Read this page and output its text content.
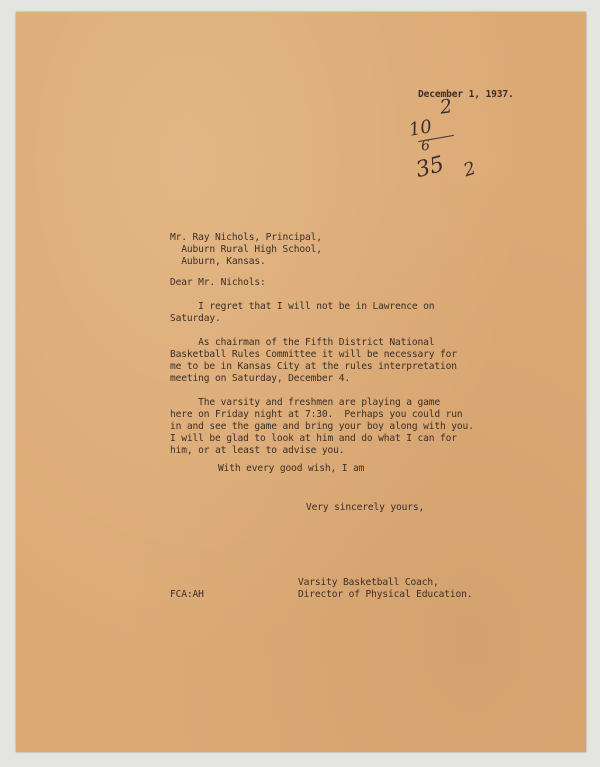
December 1, 1937.
2
10
6
35 2
Mr. Ray Nichols, Principal,
Auburn Rural High School,
Auburn, Kansas.
Dear Mr. Nichols:
I regret that I will not be in Lawrence on
Saturday.
As chairman of the Fifth District National
Basketball Rules Committee it will be necessary for
me to be in Kansas City at the rules interpretation
meeting on Saturday, December 4.
The varsity and freshmen are playing a game
here on Friday night at 7:30.  Perhaps you could run
in and see the game and bring your boy along with you.
I will be glad to look at him and do what I can for
him, or at least to advise you.
With every good wish, I am
Very sincerely yours,
Varsity Basketball Coach,
Director of Physical Education.
FCA:AH
